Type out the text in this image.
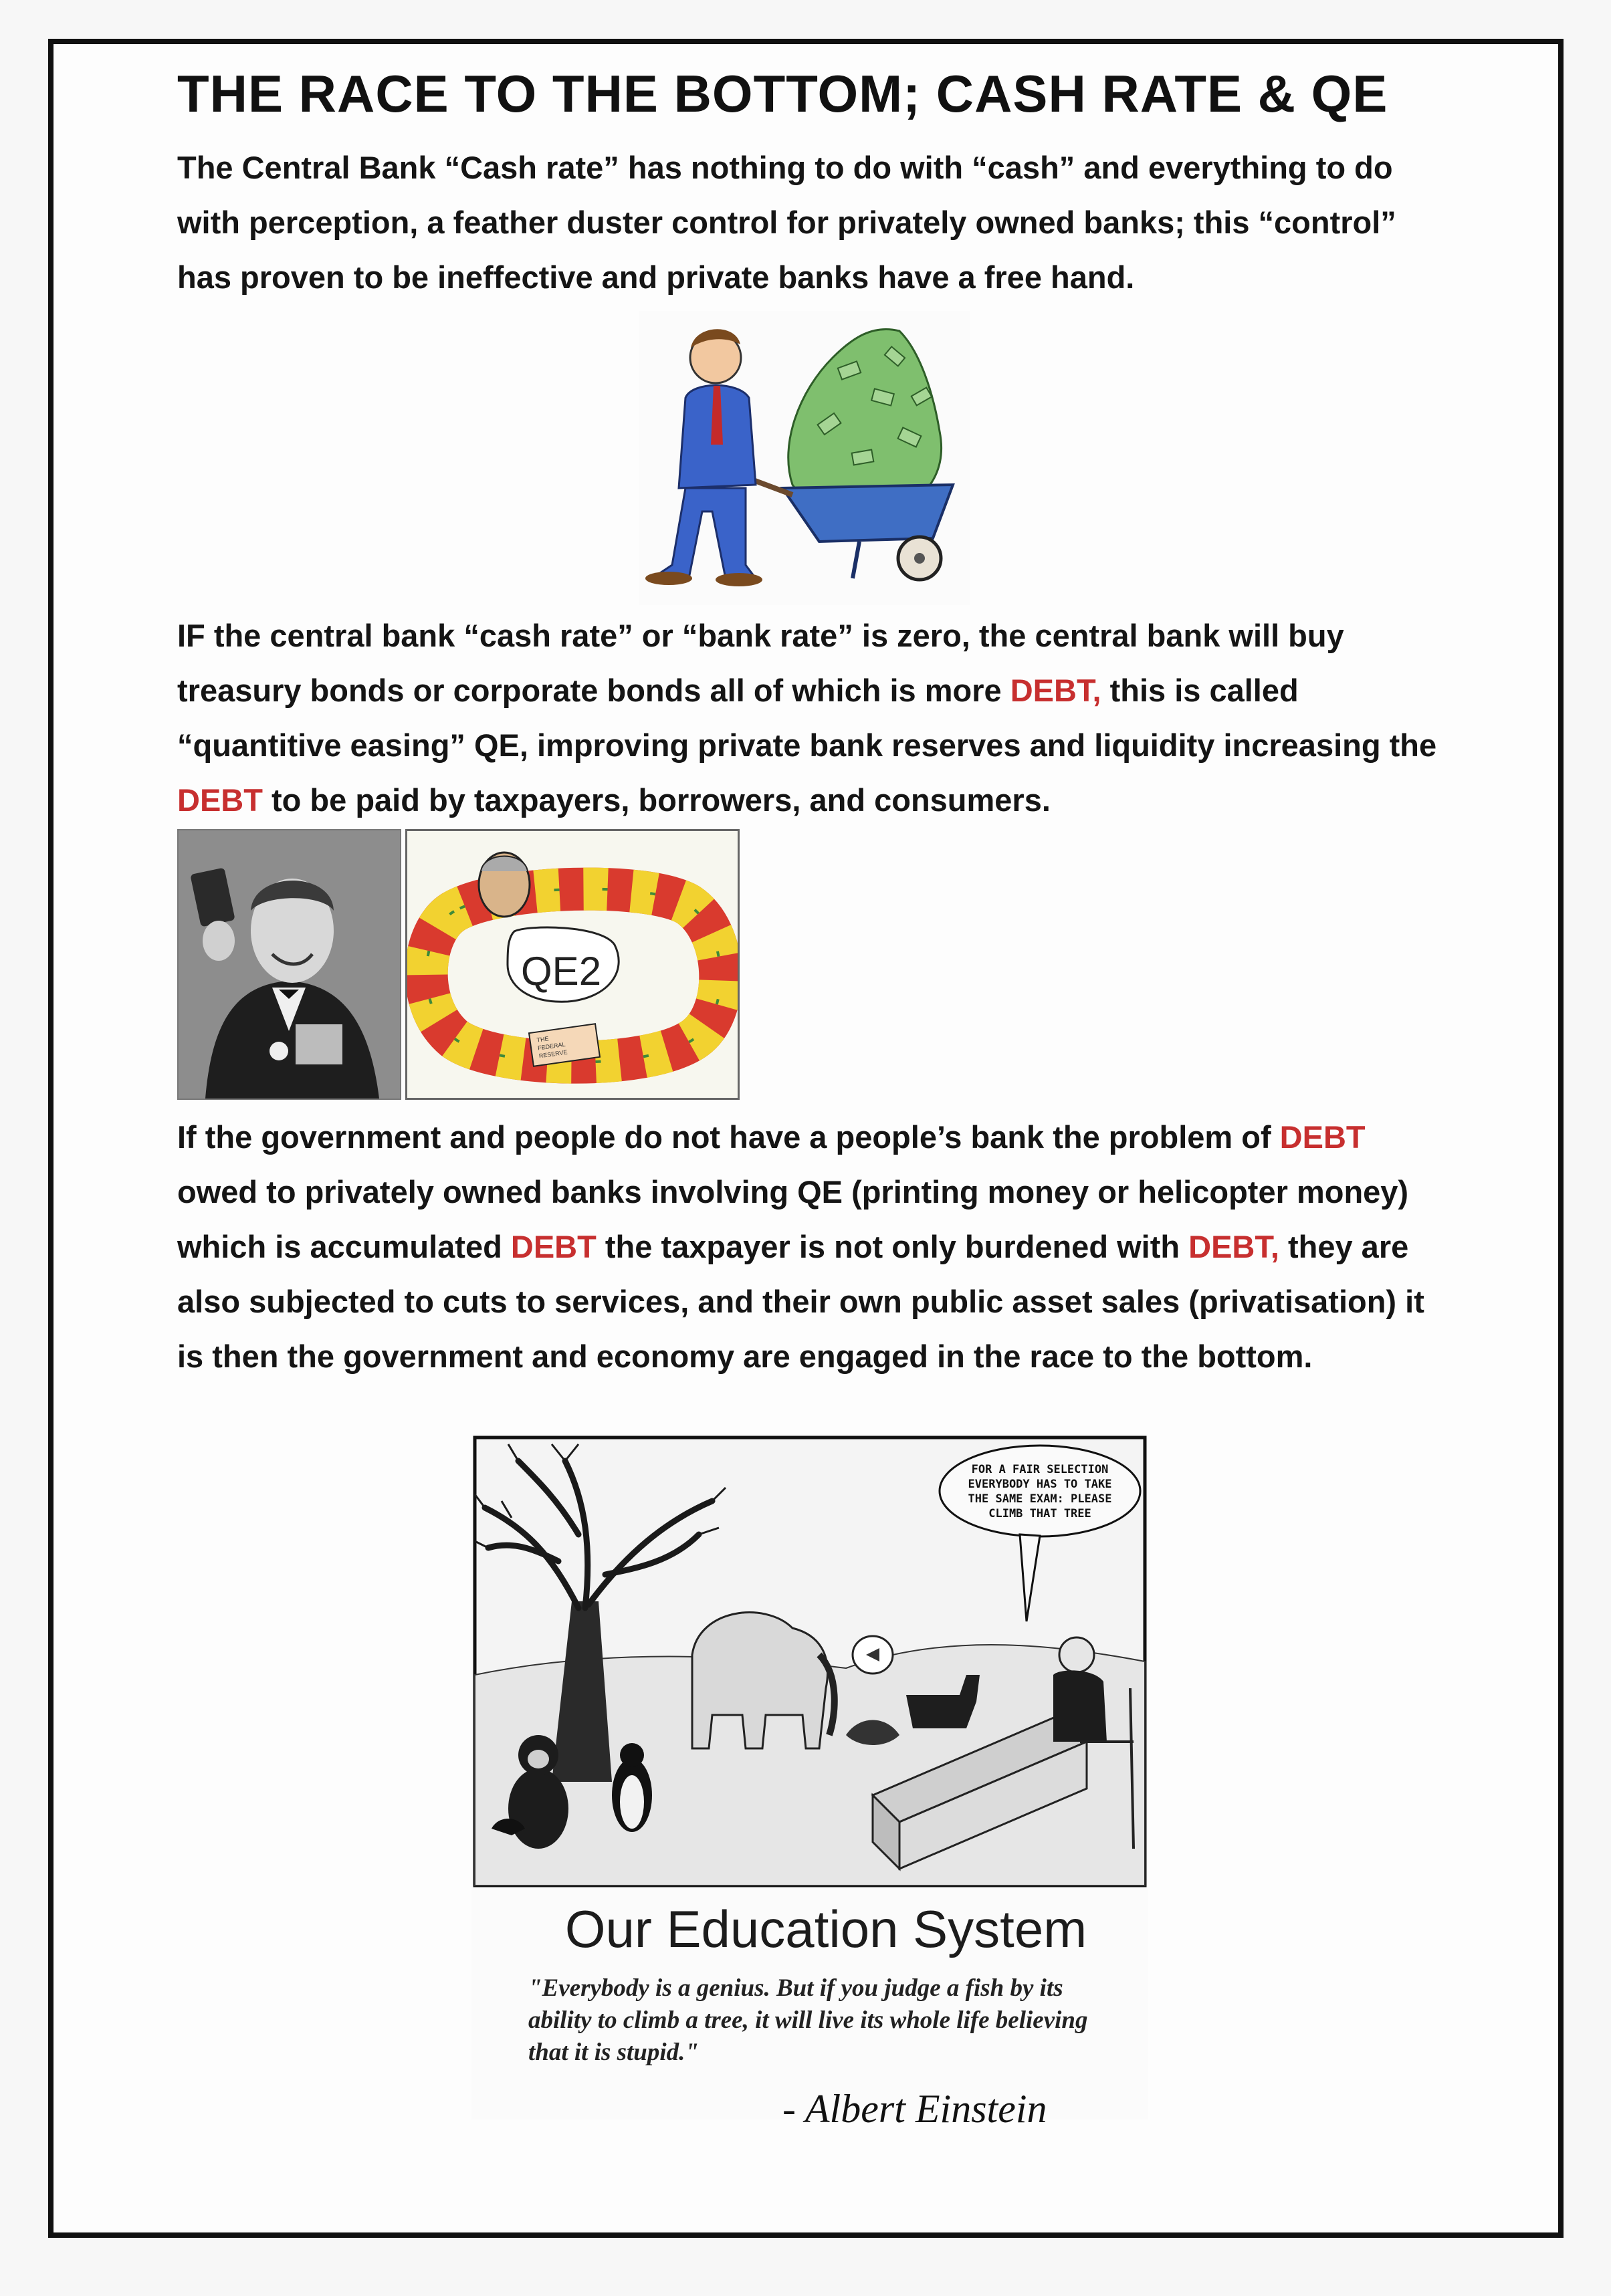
THE RACE TO THE BOTTOM; CASH RATE & QE
The Central Bank “Cash rate” has nothing to do with “cash” and everything to do with perception, a feather duster control for privately owned banks; this “control” has proven to be ineffective and private banks have a free hand.
IF the central bank “cash rate” or “bank rate” is zero, the central bank will buy treasury bonds or corporate bonds all of which is more DEBT, this is called “quantitive easing” QE, improving private bank reserves and liquidity increasing the DEBT to be paid by taxpayers, borrowers, and consumers.
QE2
THE
FEDERAL
RESERVE
If the government and people do not have a people’s bank the problem of DEBT owed to privately owned banks involving QE (printing money or helicopter money) which is accumulated DEBT the taxpayer is not only burdened with DEBT, they are also subjected to cuts to services, and their own public asset sales (privatisation) it is then the government and economy are engaged in the race to the bottom.
FOR A FAIR SELECTION
EVERYBODY HAS TO TAKE
THE SAME EXAM: PLEASE
CLIMB THAT TREE
Our Education System
"Everybody is a genius. But if you judge a fish by its ability to climb a tree, it will live its whole life believing that it is stupid."
- Albert Einstein
